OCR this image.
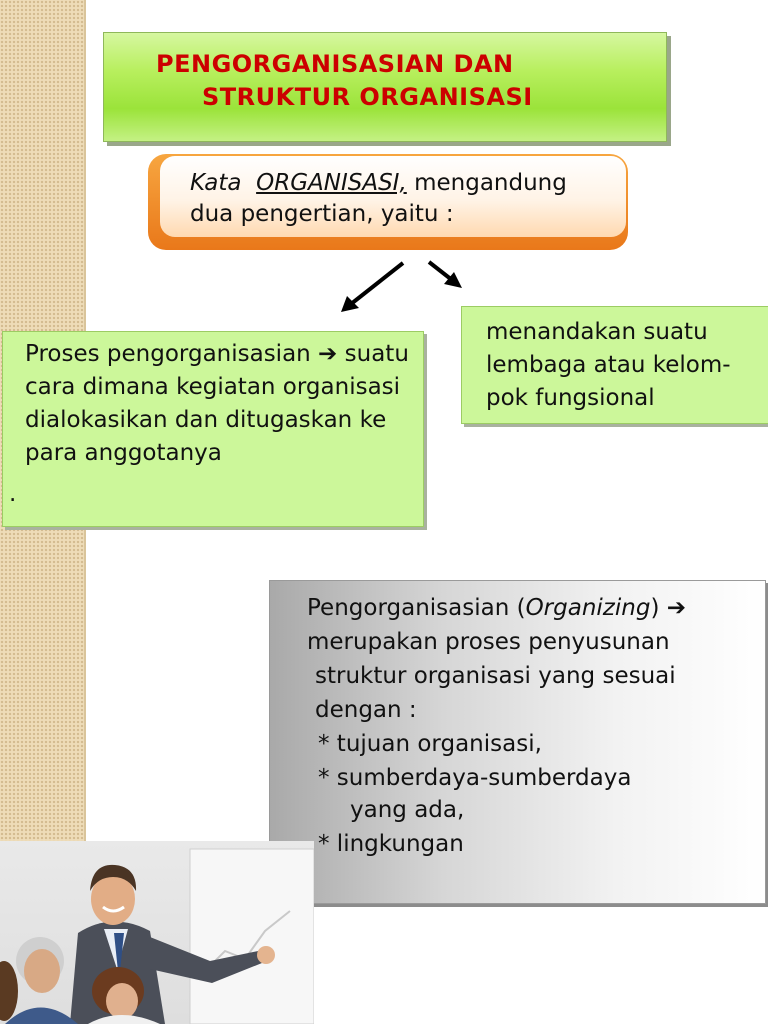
PENGORGANISASIAN DAN
STRUKTUR ORGANISASI
Kata ORGANISASI, mengandung
dua pengertian, yaitu :
Proses pengorganisasian ➔ suatu cara dimana kegiatan organisasi dialokasikan dan ditugaskan ke para anggotanya
.
menandakan suatu lembaga atau kelom-pok fungsional
Pengorganisasian (Organizing) ➔
merupakan proses penyusunan
struktur organisasi yang sesuai
dengan :
* tujuan organisasi,
* sumberdaya-sumberdaya
yang ada,
* lingkungan
